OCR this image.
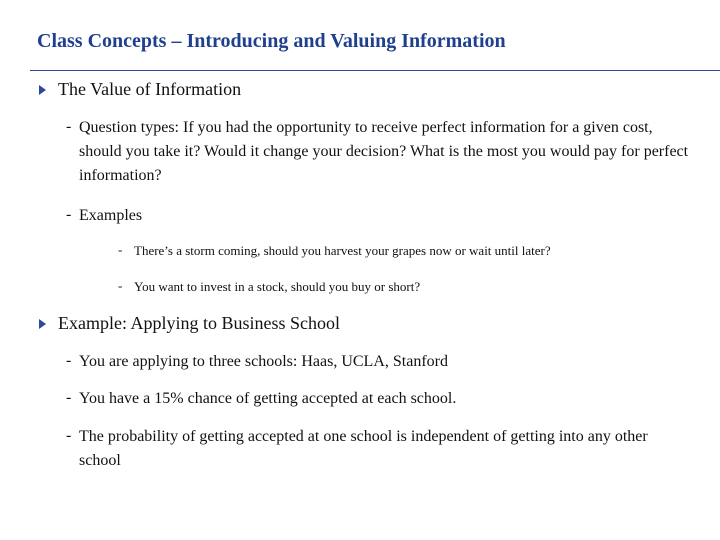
Class Concepts – Introducing and Valuing Information
The Value of Information
- Question types: If you had the opportunity to receive perfect information for a given cost, should you take it? Would it change your decision? What is the most you would pay for perfect information?
- Examples
- There’s a storm coming, should you harvest your grapes now or wait until later?
- You want to invest in a stock, should you buy or short?
Example: Applying to Business School
- You are applying to three schools: Haas, UCLA, Stanford
- You have a 15% chance of getting accepted at each school.
- The probability of getting accepted at one school is independent of getting into any other school
